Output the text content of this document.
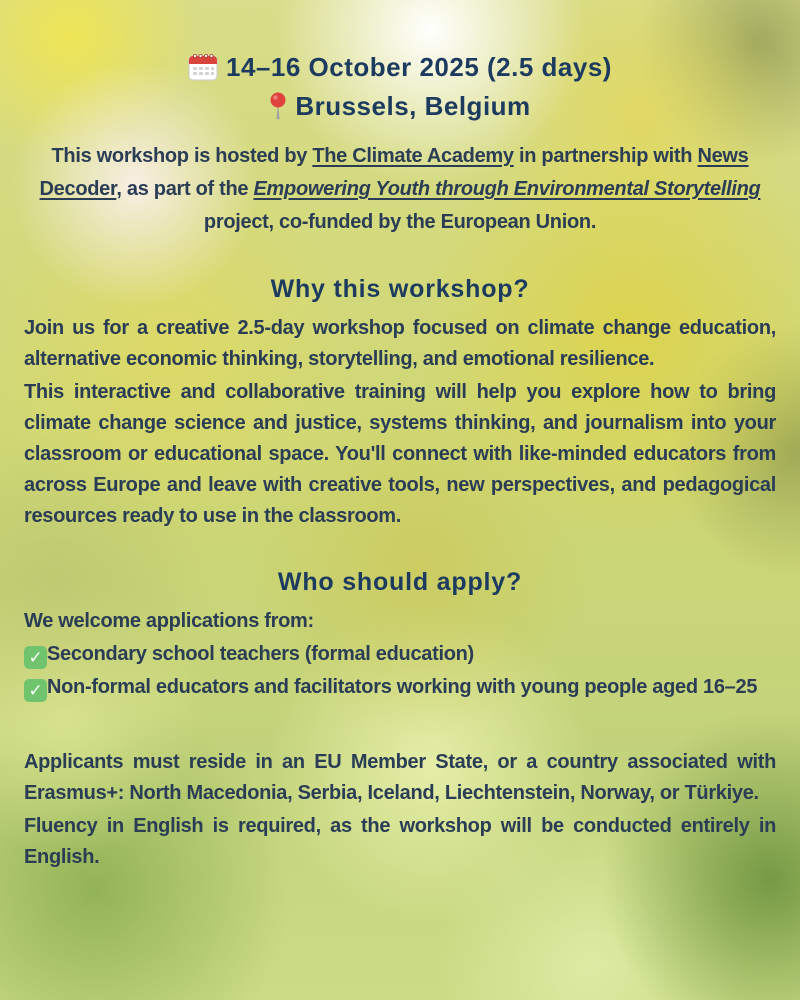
14–16 October 2025 (2.5 days)
Brussels, Belgium

This workshop is hosted by The Climate Academy in partnership with News Decoder, as part of the Empowering Youth through Environmental Storytelling project, co-funded by the European Union.

Why this workshop?

Join us for a creative 2.5-day workshop focused on climate change education, alternative economic thinking, storytelling, and emotional resilience.

This interactive and collaborative training will help you explore how to bring climate change science and justice, systems thinking, and journalism into your classroom or educational space. You'll connect with like-minded educators from across Europe and leave with creative tools, new perspectives, and pedagogical resources ready to use in the classroom.

Who should apply?

We welcome applications from:

✓ Secondary school teachers (formal education)
✓ Non-formal educators and facilitators working with young people aged 16–25

Applicants must reside in an EU Member State, or a country associated with Erasmus+: North Macedonia, Serbia, Iceland, Liechtenstein, Norway, or Türkiye.

Fluency in English is required, as the workshop will be conducted entirely in English.
